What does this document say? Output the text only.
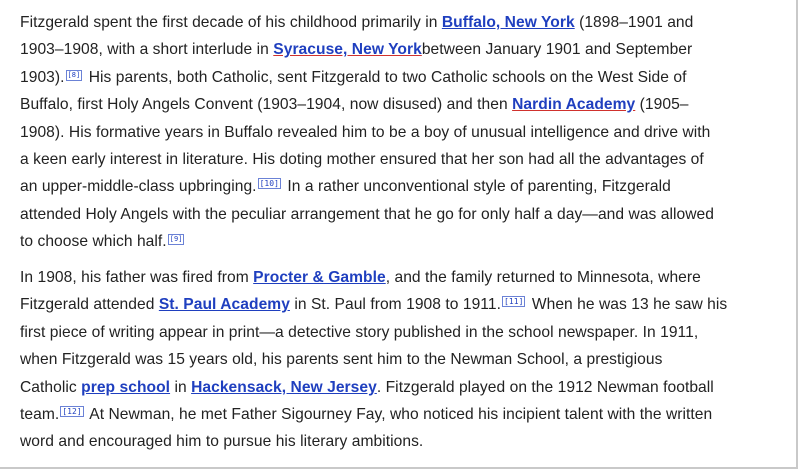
Fitzgerald spent the first decade of his childhood primarily in Buffalo, New York (1898–1901 and
1903–1908, with a short interlude in Syracuse, New Yorkbetween January 1901 and September
1903). [8] His parents, both Catholic, sent Fitzgerald to two Catholic schools on the West Side of
Buffalo, first Holy Angels Convent (1903–1904, now disused) and then Nardin Academy (1905–
1908). His formative years in Buffalo revealed him to be a boy of unusual intelligence and drive with
a keen early interest in literature. His doting mother ensured that her son had all the advantages of
an upper-middle-class upbringing. [10] In a rather unconventional style of parenting, Fitzgerald
attended Holy Angels with the peculiar arrangement that he go for only half a day—and was allowed
to choose which half. [9]
In 1908, his father was fired from Procter & Gamble, and the family returned to Minnesota, where
Fitzgerald attended St. Paul Academy in St. Paul from 1908 to 1911. [11] When he was 13 he saw his
first piece of writing appear in print—a detective story published in the school newspaper. In 1911,
when Fitzgerald was 15 years old, his parents sent him to the Newman School, a prestigious
Catholic prep school in Hackensack, New Jersey. Fitzgerald played on the 1912 Newman football
team. [12] At Newman, he met Father Sigourney Fay, who noticed his incipient talent with the written
word and encouraged him to pursue his literary ambitions.
